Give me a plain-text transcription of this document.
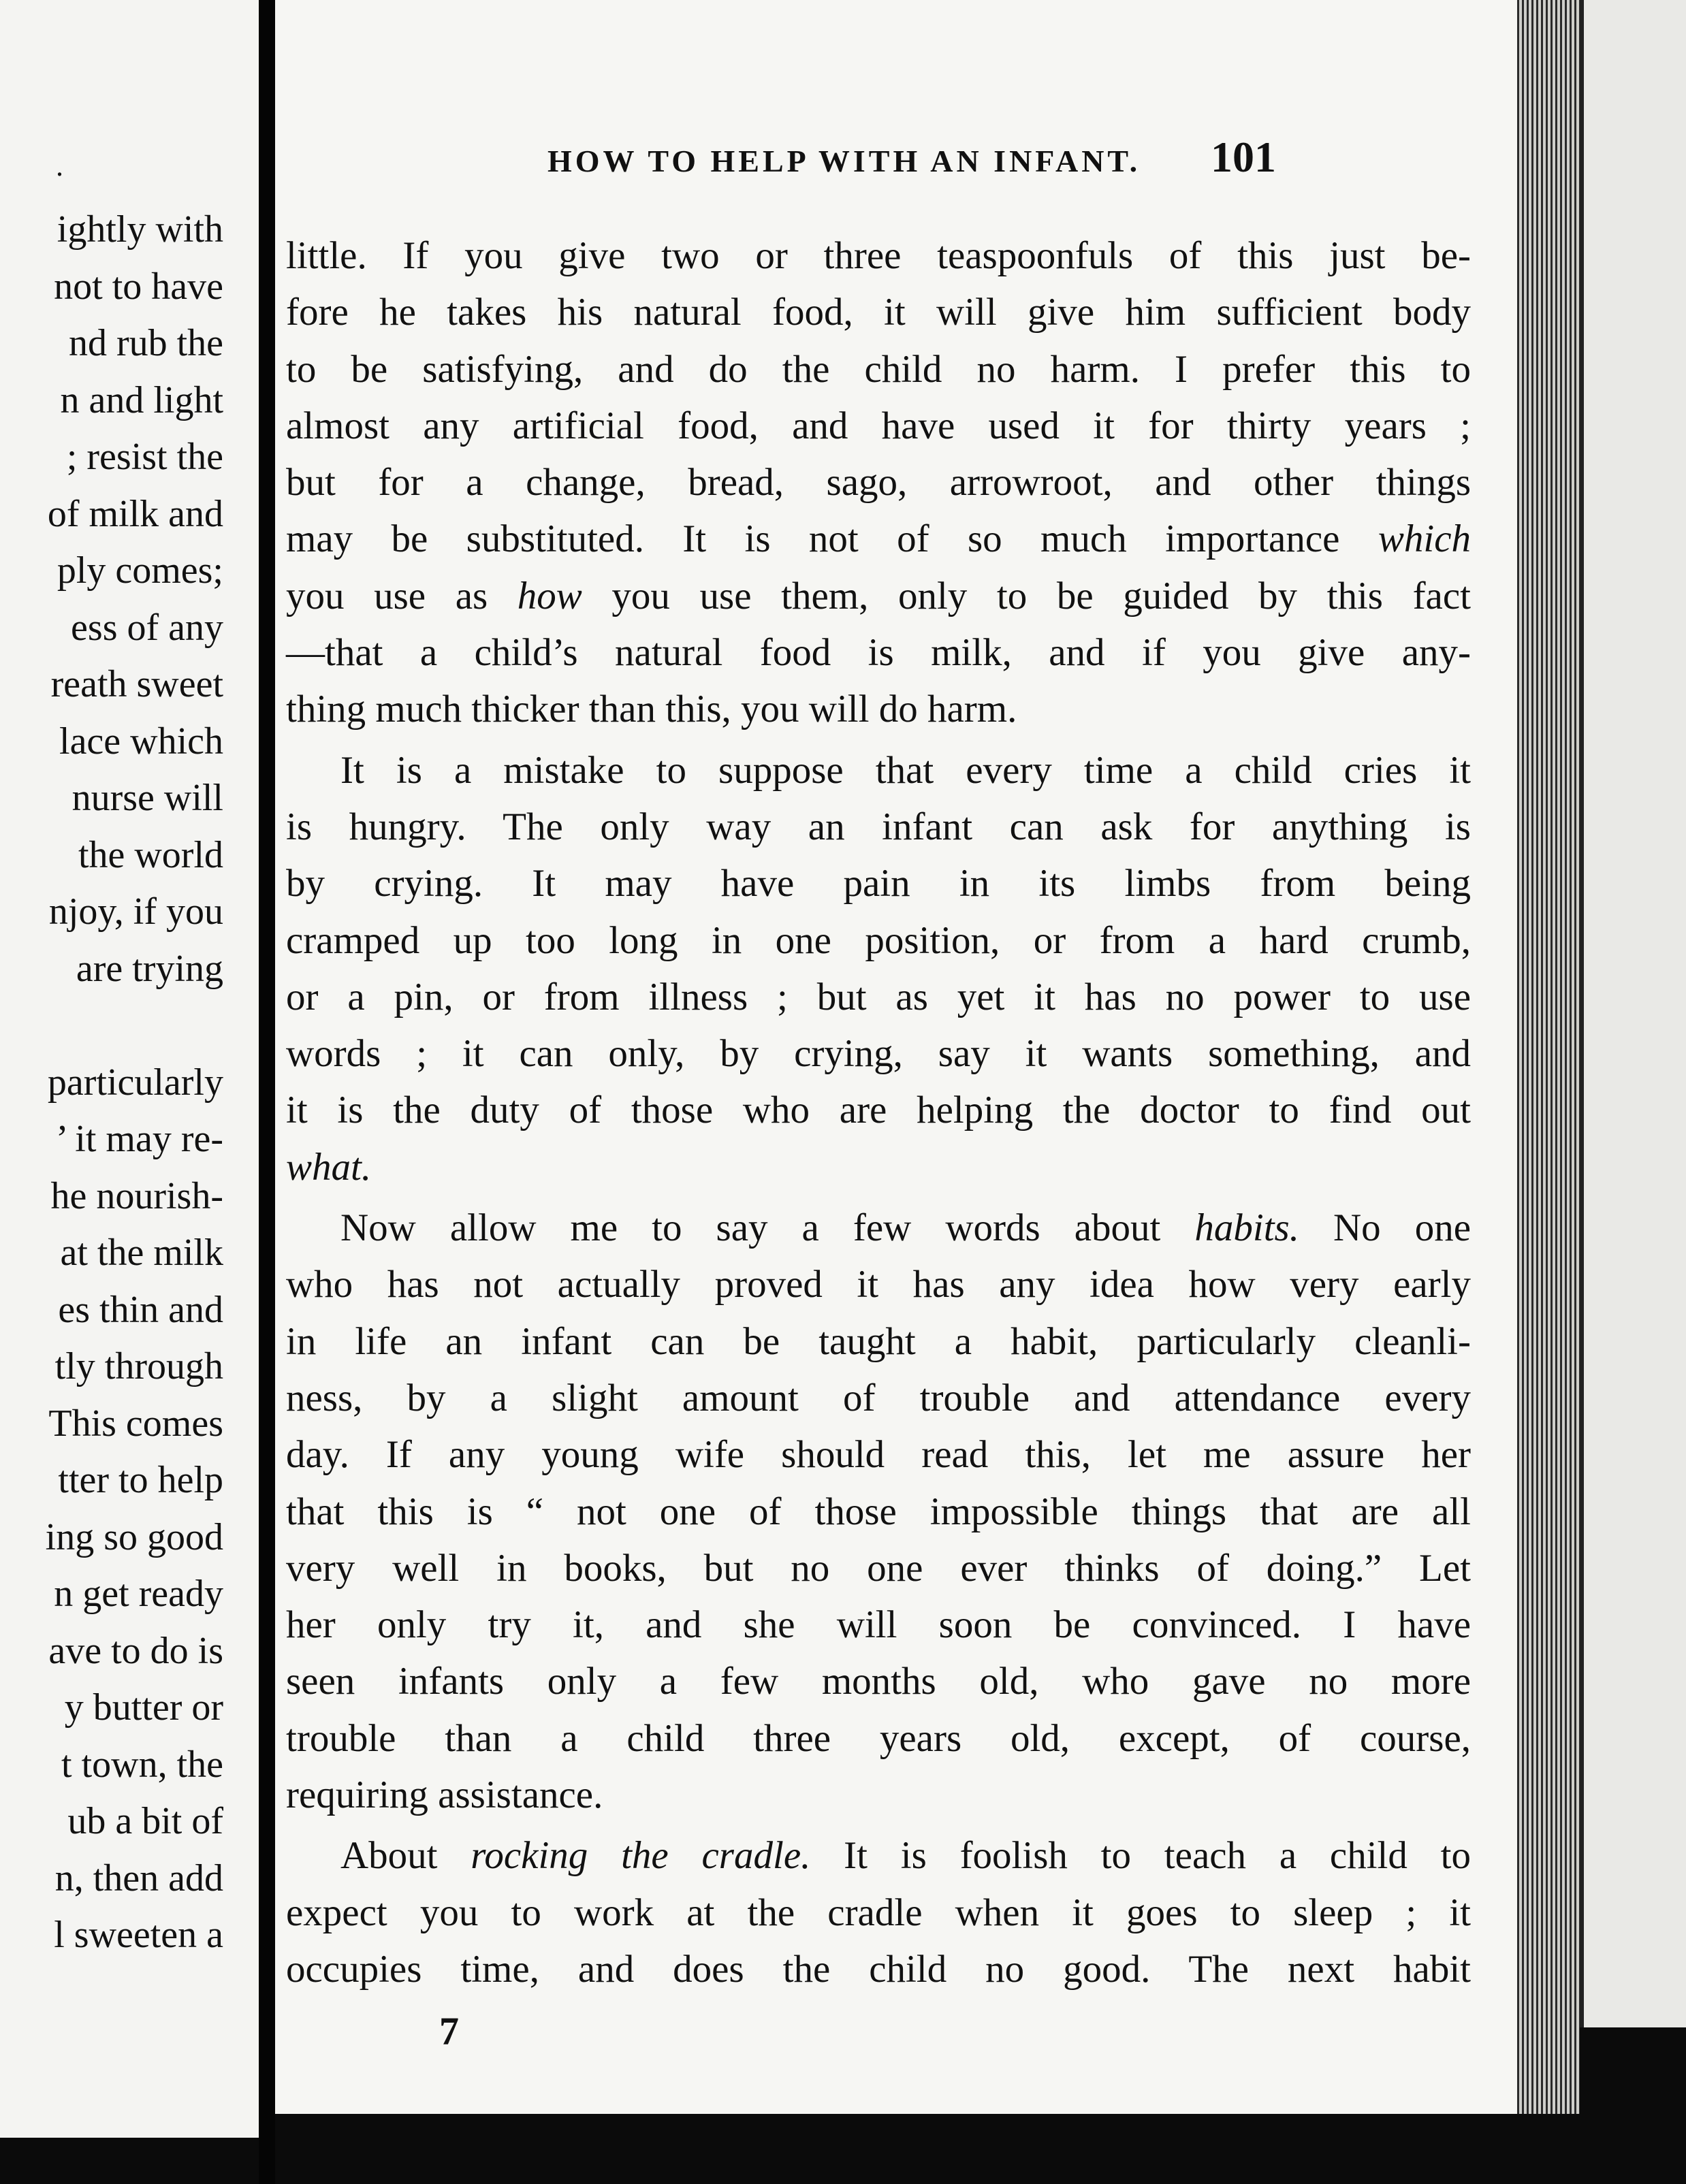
.
ightly with
not to have
nd rub the
n and light
; resist the
of milk and
ply comes;
ess of any
reath sweet
lace which
nurse will
the world
njoy, if you
are trying
particularly
’ it may re-
he nourish-
at the milk
es thin and
tly through
This comes
tter to help
ing so good
n get ready
ave to do is
y butter or
t town, the
ub a bit of
n, then add
l sweeten a
HOW TO HELP WITH AN INFANT. 101

little. If you give two or three teaspoonfuls of this just be-
fore he takes his natural food, it will give him sufficient body
to be satisfying, and do the child no harm. I prefer this to
almost any artificial food, and have used it for thirty years ;
but for a change, bread, sago, arrowroot, and other things
may be substituted. It is not of so much importance which
you use as how you use them, only to be guided by this fact
—that a child’s natural food is milk, and if you give any-
thing much thicker than this, you will do harm.

It is a mistake to suppose that every time a child cries it
is hungry. The only way an infant can ask for anything is
by crying. It may have pain in its limbs from being
cramped up too long in one position, or from a hard crumb,
or a pin, or from illness ; but as yet it has no power to use
words ; it can only, by crying, say it wants something, and
it is the duty of those who are helping the doctor to find out
what.

Now allow me to say a few words about habits. No one
who has not actually proved it has any idea how very early
in life an infant can be taught a habit, particularly cleanli-
ness, by a slight amount of trouble and attendance every
day. If any young wife should read this, let me assure her
that this is “ not one of those impossible things that are all
very well in books, but no one ever thinks of doing.” Let
her only try it, and she will soon be convinced. I have
seen infants only a few months old, who gave no more
trouble than a child three years old, except, of course,
requiring assistance.

About rocking the cradle. It is foolish to teach a child to
expect you to work at the cradle when it goes to sleep ; it
occupies time, and does the child no good. The next habit

7
